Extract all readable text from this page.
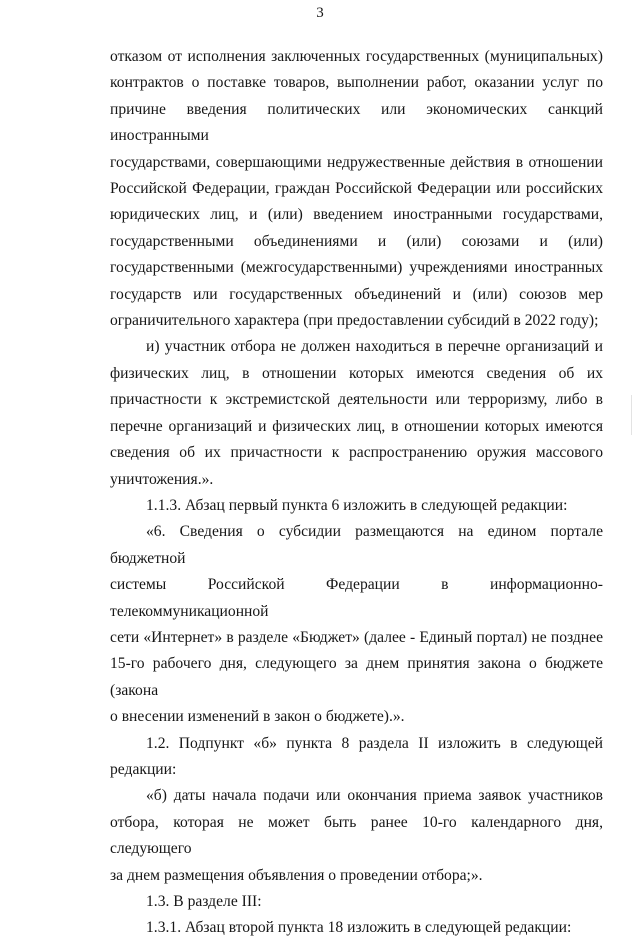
3

отказом от исполнения заключенных государственных (муниципальных)
контрактов о поставке товаров, выполнении работ, оказании услуг по
причине введения политических или экономических санкций иностранными
государствами, совершающими недружественные действия в отношении
Российской Федерации, граждан Российской Федерации или российских
юридических лиц, и (или) введением иностранными государствами,
государственными объединениями и (или) союзами и (или)
государственными (межгосударственными) учреждениями иностранных
государств или государственных объединений и (или) союзов мер
ограничительного характера (при предоставлении субсидий в 2022 году);

и) участник отбора не должен находиться в перечне организаций и
физических лиц, в отношении которых имеются сведения об их
причастности к экстремистской деятельности или терроризму, либо в
перечне организаций и физических лиц, в отношении которых имеются
сведения об их причастности к распространению оружия массового
уничтожения.».

1.1.3. Абзац первый пункта 6 изложить в следующей редакции:

«6. Сведения о субсидии размещаются на едином портале бюджетной
системы Российской Федерации в информационно-телекоммуникационной
сети «Интернет» в разделе «Бюджет» (далее - Единый портал) не позднее
15-го рабочего дня, следующего за днем принятия закона о бюджете (закона
о внесении изменений в закон о бюджете).».

1.2. Подпункт «б» пункта 8 раздела II изложить в следующей
редакции:

«б) даты начала подачи или окончания приема заявок участников
отбора, которая не может быть ранее 10-го календарного дня, следующего
за днем размещения объявления о проведении отбора;».

1.3. В разделе III:

1.3.1. Абзац второй пункта 18 изложить в следующей редакции:
